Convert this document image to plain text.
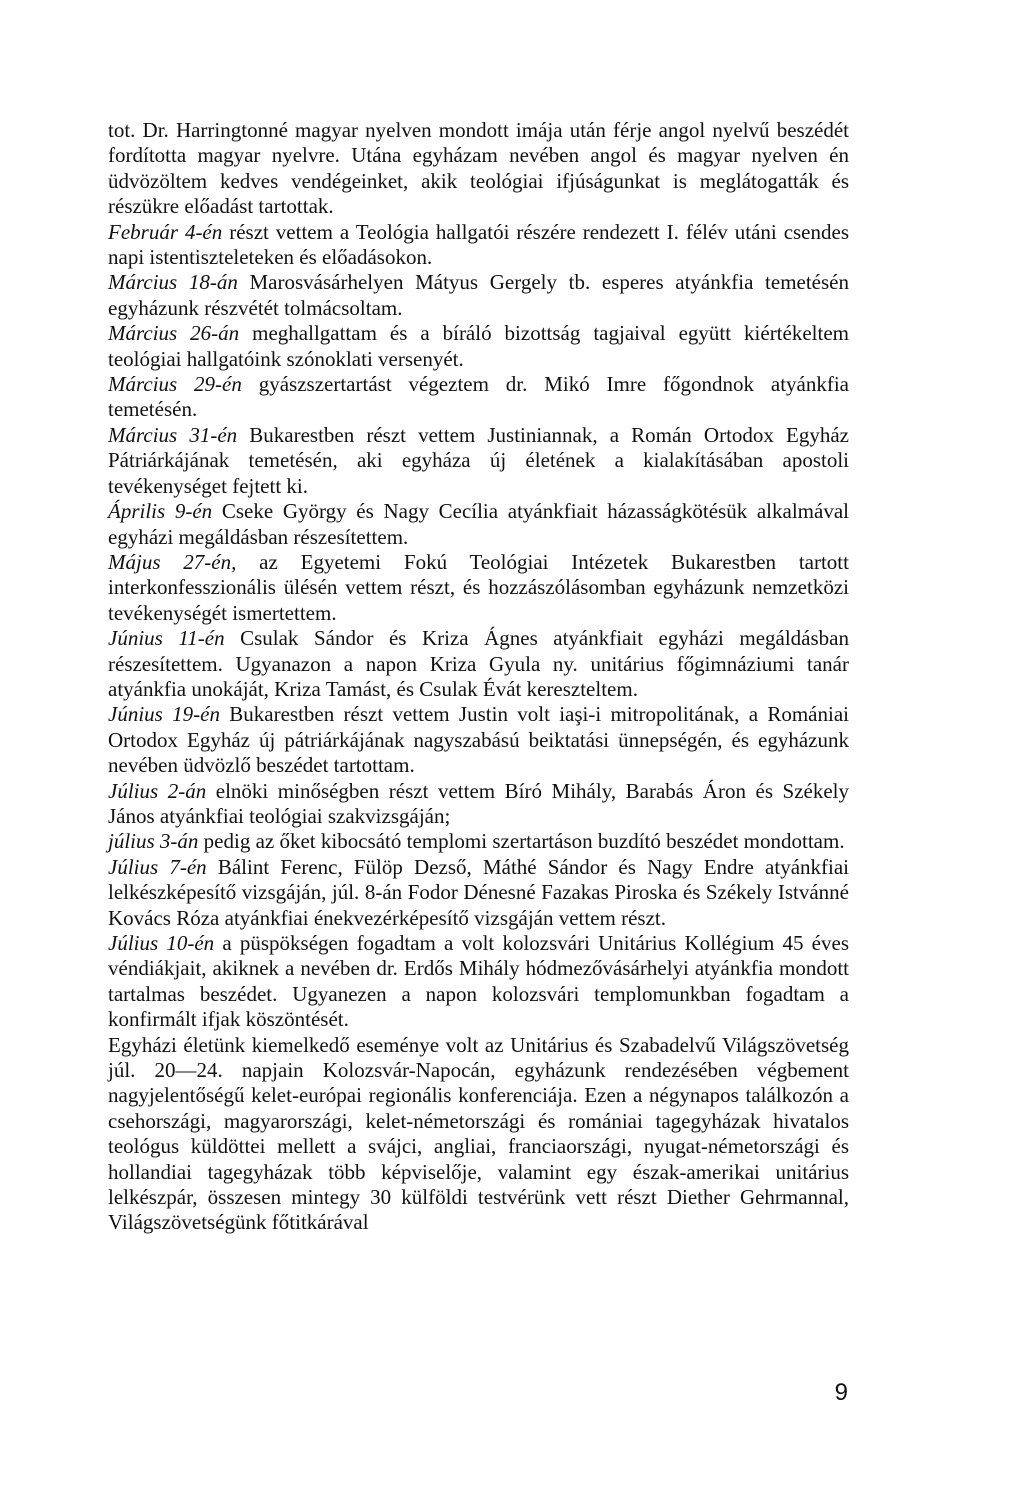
tot. Dr. Harringtonné magyar nyelven mondott imája után férje angol nyelvű beszédét fordította magyar nyelvre. Utána egyházam nevében angol és magyar nyelven én üdvözöltem kedves vendégeinket, akik teológiai ifjúságunkat is meglátogatták és részükre előadást tartottak.

Február 4-én részt vettem a Teológia hallgatói részére rendezett I. félév utáni csendes napi istentiszteleteken és előadásokon.

Március 18-án Marosvásárhelyen Mátyus Gergely tb. esperes atyánkfia temetésén egyházunk részvétét tolmácsoltam.

Március 26-án meghallgattam és a bíráló bizottság tagjaival együtt kiértékeltem teológiai hallgatóink szónoklati versenyét.

Március 29-én gyászszertartást végeztem dr. Mikó Imre főgondnok atyánkfia temetésén.

Március 31-én Bukarestben részt vettem Justiniannak, a Román Ortodox Egyház Pátriárkájának temetésén, aki egyháza új életének a kialakításában apostoli tevékenységet fejtett ki.

Április 9-én Cseke György és Nagy Cecília atyánkfiait házasságkötésük alkalmával egyházi megáldásban részesítettem.

Május 27-én, az Egyetemi Fokú Teológiai Intézetek Bukarestben tartott interkonfesszionális ülésén vettem részt, és hozzászólásomban egyházunk nemzetközi tevékenységét ismertettem.

Június 11-én Csulak Sándor és Kriza Ágnes atyánkfiait egyházi megáldásban részesítettem. Ugyanazon a napon Kriza Gyula ny. unitárius főgimnáziumi tanár atyánkfia unokáját, Kriza Tamást, és Csulak Évát kereszteltem.

Június 19-én Bukarestben részt vettem Justin volt iaşi-i mitropolitának, a Romániai Ortodox Egyház új pátriárkájának nagyszabású beiktatási ünnepségén, és egyházunk nevében üdvözlő beszédet tartottam.

Július 2-án elnöki minőségben részt vettem Bíró Mihály, Barabás Áron és Székely János atyánkfiai teológiai szakvizsgáján;

július 3-án pedig az őket kibocsátó templomi szertartáson buzdító beszédet mondottam.

Július 7-én Bálint Ferenc, Fülöp Dezső, Máthé Sándor és Nagy Endre atyánkfiai lelkészképesítő vizsgáján, júl. 8-án Fodor Dénesné Fazakas Piroska és Székely Istvánné Kovács Róza atyánkfiai énekvezérképesítő vizsgáján vettem részt.

Július 10-én a püspökségen fogadtam a volt kolozsvári Unitárius Kollégium 45 éves véndiákjait, akiknek a nevében dr. Erdős Mihály hódmezővásárhelyi atyánkfia mondott tartalmas beszédet. Ugyanezen a napon kolozsvári templomunkban fogadtam a konfirmált ifjak köszöntését.

Egyházi életünk kiemelkedő eseménye volt az Unitárius és Szabadelvű Világszövetség júl. 20—24. napjain Kolozsvár-Napocán, egyházunk rendezésében végbement nagyjelentőségű kelet-európai regionális konferenciája. Ezen a négynapos találkozón a csehországi, magyarországi, kelet-németországi és romániai tagegyházak hivatalos teológus küldöttei mellett a svájci, angliai, franciaországi, nyugat-németországi és hollandiai tagegyházak több képviselője, valamint egy észak-amerikai unitárius lelkészpár, összesen mintegy 30 külföldi testvérünk vett részt Diether Gehrmannal, Világszövetségünk főtitkárával

9
